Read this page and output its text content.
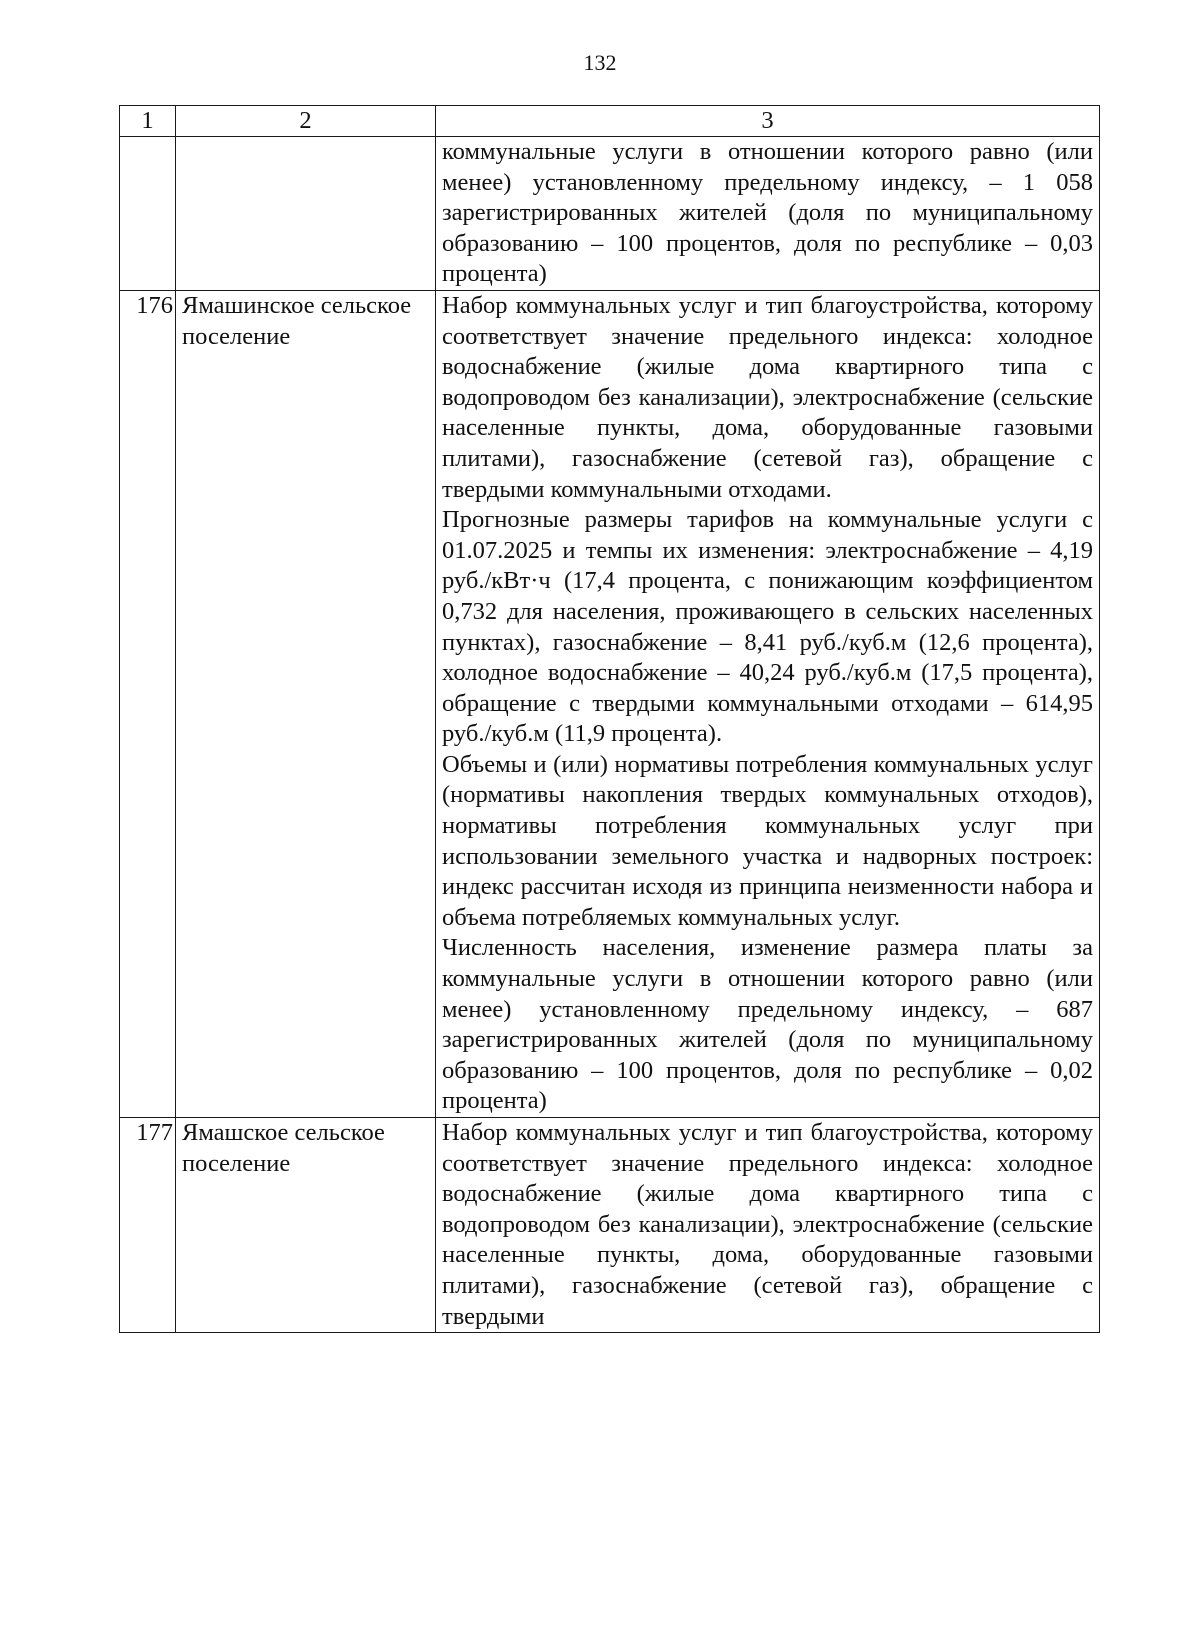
132
1	2	3

		коммунальные услуги в отношении которого равно (или менее) установленному предельному индексу, – 1 058 зарегистрированных жителей (доля по муниципальному образованию – 100 процентов, доля по республике – 0,03 процента)

176	Ямашинское сельское поселение	Набор коммунальных услуг и тип благоустройства, которому соответствует значение предельного индекса: холодное водоснабжение (жилые дома квартирного типа с водопроводом без канализации), электроснабжение (сельские населенные пункты, дома, оборудованные газовыми плитами), газоснабжение (сетевой газ), обращение с твердыми коммунальными отходами.

Прогнозные размеры тарифов на коммунальные услуги с 01.07.2025 и темпы их изменения: электроснабжение – 4,19 руб./кВт·ч (17,4 процента, с понижающим коэффициентом 0,732 для населения, проживающего в сельских населенных пунктах), газоснабжение – 8,41 руб./куб.м (12,6 процента), холодное водоснабжение – 40,24 руб./куб.м (17,5 процента), обращение с твердыми коммунальными отходами – 614,95 руб./куб.м (11,9 процента).

Объемы и (или) нормативы потребления коммунальных услуг (нормативы накопления твердых коммунальных отходов), нормативы потребления коммунальных услуг при использовании земельного участка и надворных построек: индекс рассчитан исходя из принципа неизменности набора и объема потребляемых коммунальных услуг.

Численность населения, изменение размера платы за коммунальные услуги в отношении которого равно (или менее) установленному предельному индексу, – 687 зарегистрированных жителей (доля по муниципальному образованию – 100 процентов, доля по республике – 0,02 процента)

177	Ямашское сельское поселение	Набор коммунальных услуг и тип благоустройства, которому соответствует значение предельного индекса: холодное водоснабжение (жилые дома квартирного типа с водопроводом без канализации), электроснабжение (сельские населенные пункты, дома, оборудованные газовыми плитами), газоснабжение (сетевой газ), обращение с твердыми
